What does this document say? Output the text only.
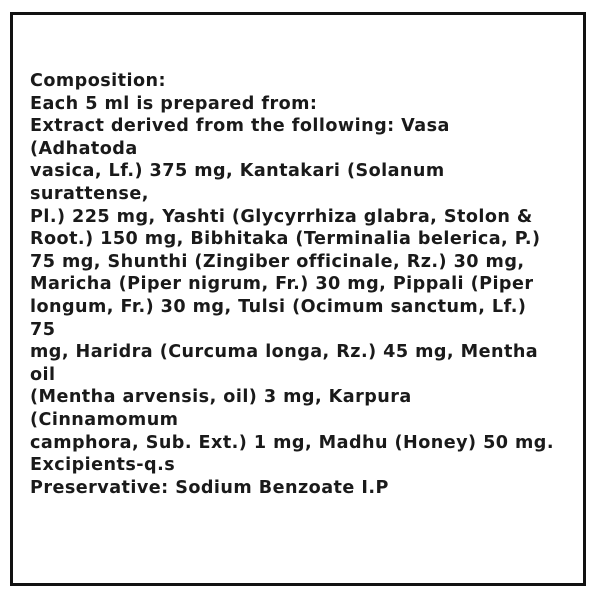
Composition:
Each 5 ml is prepared from:
Extract derived from the following: Vasa
(Adhatoda
vasica, Lf.) 375 mg, Kantakari (Solanum
surattense,
Pl.) 225 mg, Yashti (Glycyrrhiza glabra, Stolon &
Root.) 150 mg, Bibhitaka (Terminalia belerica, P.)
75 mg, Shunthi (Zingiber officinale, Rz.) 30 mg,
Maricha (Piper nigrum, Fr.) 30 mg, Pippali (Piper
longum, Fr.) 30 mg, Tulsi (Ocimum sanctum, Lf.)
75
mg, Haridra (Curcuma longa, Rz.) 45 mg, Mentha
oil
(Mentha arvensis, oil) 3 mg, Karpura
(Cinnamomum
camphora, Sub. Ext.) 1 mg, Madhu (Honey) 50 mg.
Excipients-q.s
Preservative: Sodium Benzoate I.P
